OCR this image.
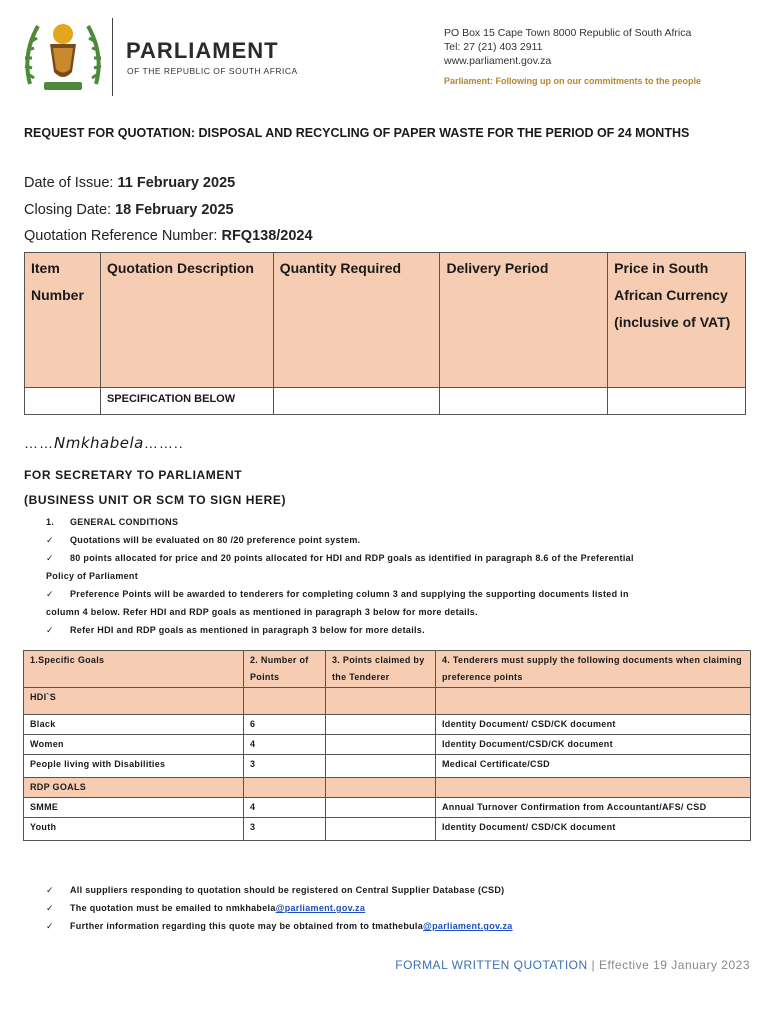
PARLIAMENT
OF THE REPUBLIC OF SOUTH AFRICA
PO Box 15 Cape Town 8000 Republic of South Africa
Tel: 27 (21) 403 2911
www.parliament.gov.za
Parliament: Following up on our commitments to the people
REQUEST FOR QUOTATION: DISPOSAL AND RECYCLING OF PAPER WASTE FOR THE PERIOD OF 24 MONTHS
Date of Issue: 11 February 2025
Closing Date: 18 February 2025
Quotation Reference Number: RFQ138/2024
Item Number	Quotation Description	Quantity Required	Delivery Period	Price in South African Currency (inclusive of VAT)
	SPECIFICATION BELOW			
……Nmkhabela……..
FOR SECRETARY TO PARLIAMENT
(BUSINESS UNIT OR SCM TO SIGN HERE)
1. GENERAL CONDITIONS
✓ Quotations will be evaluated on 80 /20 preference point system.
✓ 80 points allocated for price and 20 points allocated for HDI and RDP goals as identified in paragraph 8.6 of the Preferential
Policy of Parliament
✓ Preference Points will be awarded to tenderers for completing column 3 and supplying the supporting documents listed in
column 4 below. Refer HDI and RDP goals as mentioned in paragraph 3 below for more details.
✓ Refer HDI and RDP goals as mentioned in paragraph 3 below for more details.
1.Specific Goals	2. Number of Points	3. Points claimed by the Tenderer	4. Tenderers must supply the following documents when claiming preference points
HDI`S			
Black	6		Identity Document/ CSD/CK document
Women	4		Identity Document/CSD/CK document
People living with Disabilities	3		Medical Certificate/CSD
RDP GOALS			
SMME	4		Annual Turnover Confirmation from Accountant/AFS/ CSD
Youth	3		Identity Document/ CSD/CK document
✓ All suppliers responding to quotation should be registered on Central Supplier Database (CSD)
✓ The quotation must be emailed to nmkhabela@parliament.gov.za
✓ Further information regarding this quote may be obtained from to tmathebula@parliament.gov.za
FORMAL WRITTEN QUOTATION | Effective 19 January 2023
